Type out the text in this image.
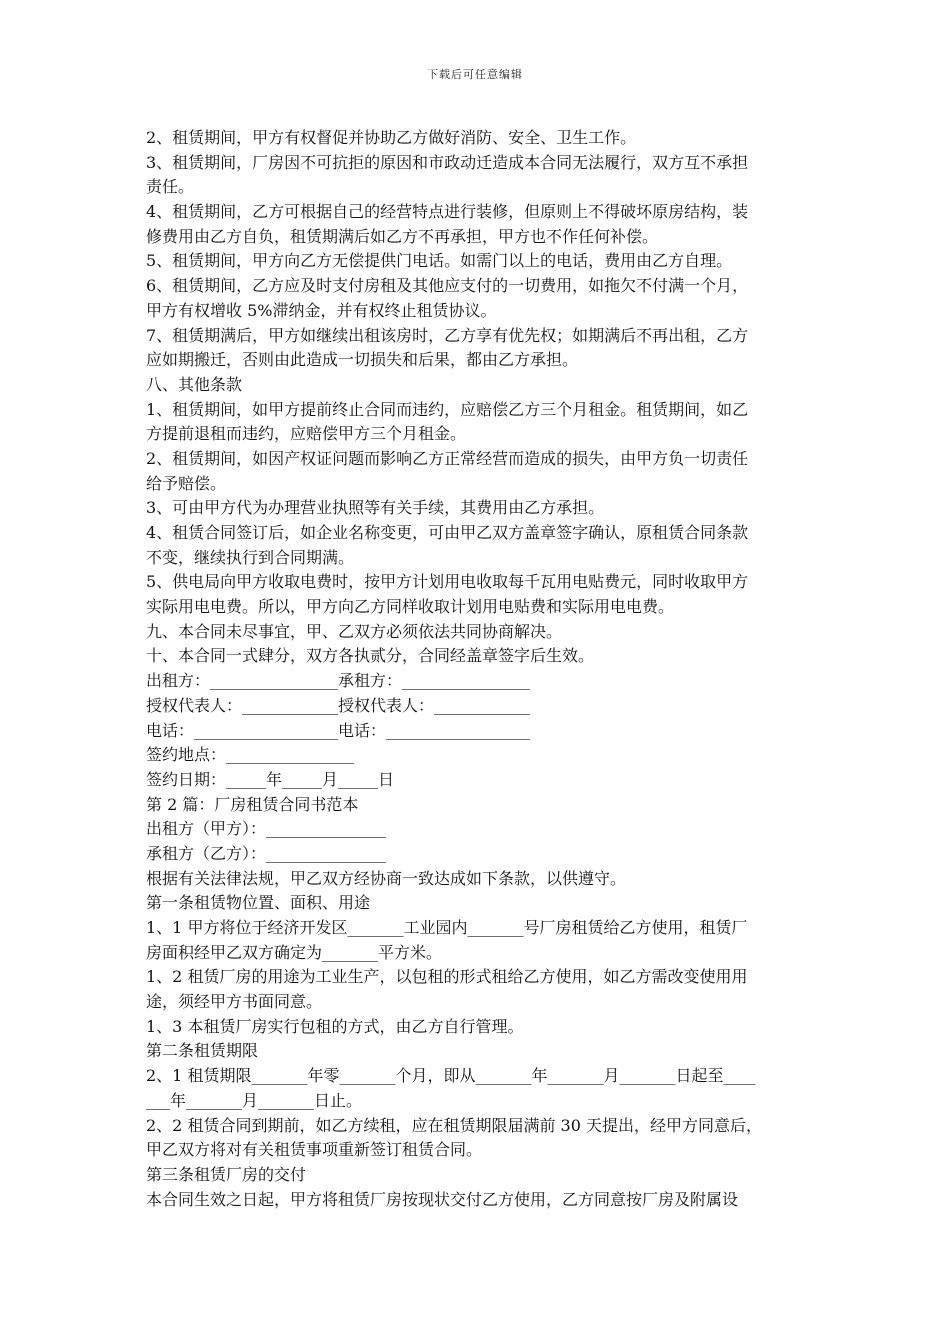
下载后可任意编辑
2、租赁期间，甲方有权督促并协助乙方做好消防、安全、卫生工作。
3、租赁期间，厂房因不可抗拒的原因和市政动迁造成本合同无法履行，双方互不承担
责任。
4、租赁期间，乙方可根据自己的经营特点进行装修，但原则上不得破坏原房结构，装
修费用由乙方自负，租赁期满后如乙方不再承担，甲方也不作任何补偿。
5、租赁期间，甲方向乙方无偿提供门电话。如需门以上的电话，费用由乙方自理。
6、租赁期间，乙方应及时支付房租及其他应支付的一切费用，如拖欠不付满一个月，
甲方有权增收 5%滞纳金，并有权终止租赁协议。
7、租赁期满后，甲方如继续出租该房时，乙方享有优先权；如期满后不再出租，乙方
应如期搬迁，否则由此造成一切损失和后果，都由乙方承担。
八、其他条款
1、租赁期间，如甲方提前终止合同而违约，应赔偿乙方三个月租金。租赁期间，如乙
方提前退租而违约，应赔偿甲方三个月租金。
2、租赁期间，如因产权证问题而影响乙方正常经营而造成的损失，由甲方负一切责任
给予赔偿。
3、可由甲方代为办理营业执照等有关手续，其费用由乙方承担。
4、租赁合同签订后，如企业名称变更，可由甲乙双方盖章签字确认，原租赁合同条款
不变，继续执行到合同期满。
5、供电局向甲方收取电费时，按甲方计划用电收取每千瓦用电贴费元，同时收取甲方
实际用电电费。所以，甲方向乙方同样收取计划用电贴费和实际用电电费。
九、本合同未尽事宜，甲、乙双方必须依法共同协商解决。
十、本合同一式肆分，双方各执贰分，合同经盖章签字后生效。
出租方：________________承租方：________________
授权代表人：____________授权代表人：____________
电话：__________________电话：__________________
签约地点：________________
签约日期：_____年_____月_____日
第 2 篇：厂房租赁合同书范本
出租方（甲方）：_______________
承租方（乙方）：_______________
根据有关法律法规，甲乙双方经协商一致达成如下条款，以供遵守。
第一条租赁物位置、面积、用途
1、1 甲方将位于经济开发区_______工业园内_______号厂房租赁给乙方使用，租赁厂
房面积经甲乙双方确定为_______平方米。
1、2 租赁厂房的用途为工业生产，以包租的形式租给乙方使用，如乙方需改变使用用
途，须经甲方书面同意。
1、3 本租赁厂房实行包租的方式，由乙方自行管理。
第二条租赁期限
2、1 租赁期限_______年零_______个月，即从_______年_______月_______日起至____
___年_______月_______日止。
2、2 租赁合同到期前，如乙方续租，应在租赁期限届满前 30 天提出，经甲方同意后，
甲乙双方将对有关租赁事项重新签订租赁合同。
第三条租赁厂房的交付
本合同生效之日起，甲方将租赁厂房按现状交付乙方使用，乙方同意按厂房及附属设
